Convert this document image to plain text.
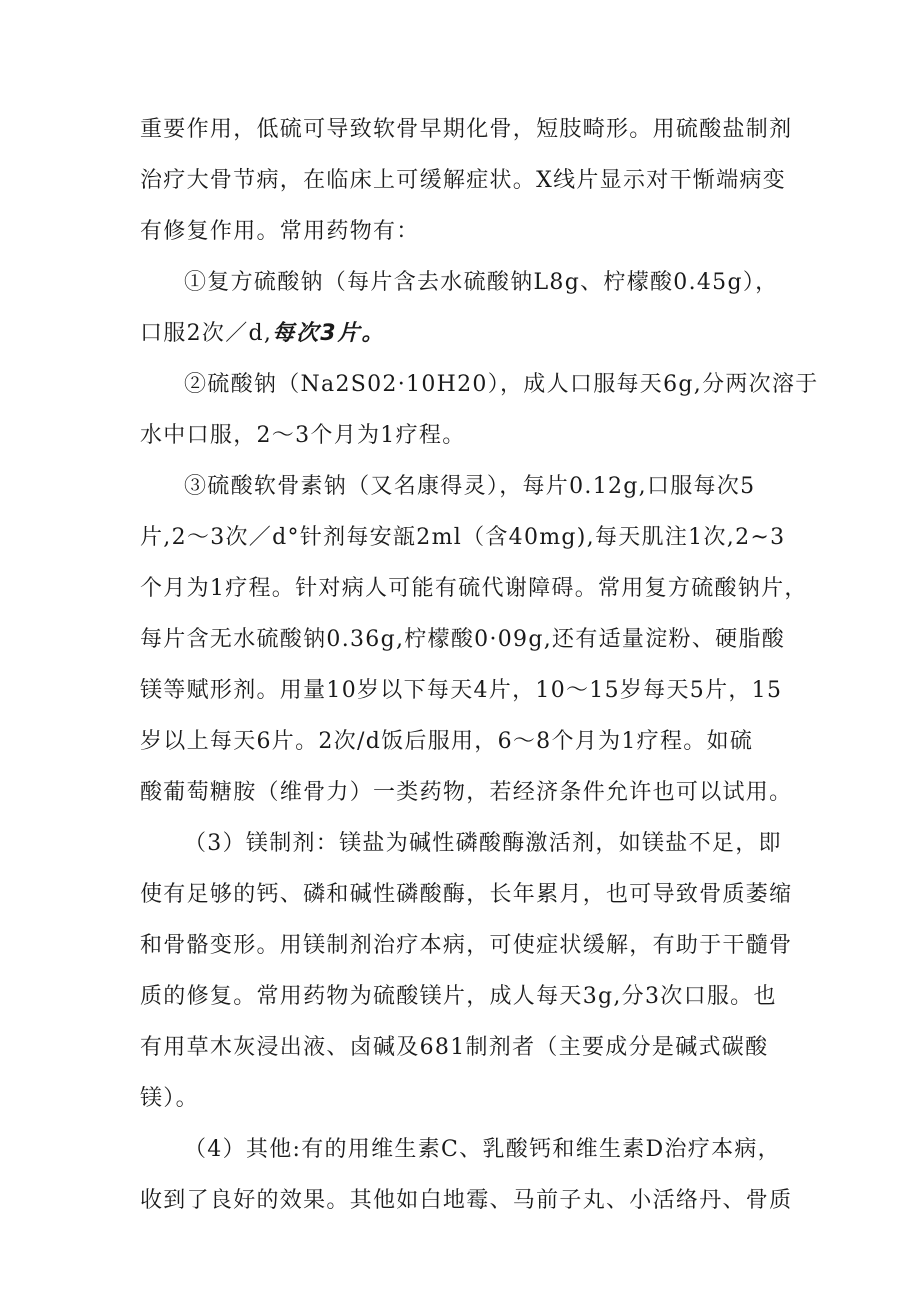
重要作用，低硫可导致软骨早期化骨，短肢畸形。用硫酸盐制剂
治疗大骨节病，在临床上可缓解症状。X线片显示对干惭端病变
有修复作用。常用药物有：
①复方硫酸钠（每片含去水硫酸钠L8g、柠檬酸0.45g），
口服2次／d,每次3片。
②硫酸钠（Na2S02·10H20），成人口服每天6g,分两次溶于
水中口服，2～3个月为1疗程。
③硫酸软骨素钠（又名康得灵），每片0.12g,口服每次5
片,2～3次／d°针剂每安瓿2ml（含40mg),每天肌注1次,2~3
个月为1疗程。针对病人可能有硫代谢障碍。常用复方硫酸钠片，
每片含无水硫酸钠0.36g,柠檬酸0·09g,还有适量淀粉、硬脂酸
镁等赋形剂。用量10岁以下每天4片，10～15岁每天5片，15
岁以上每天6片。2次/d饭后服用，6～8个月为1疗程。如硫
酸葡萄糖胺（维骨力）一类药物，若经济条件允许也可以试用。
（3）镁制剂：镁盐为碱性磷酸酶激活剂，如镁盐不足，即
使有足够的钙、磷和碱性磷酸酶，长年累月，也可导致骨质萎缩
和骨骼变形。用镁制剂治疗本病，可使症状缓解，有助于干髓骨
质的修复。常用药物为硫酸镁片，成人每天3g,分3次口服。也
有用草木灰浸出液、卤碱及681制剂者（主要成分是碱式碳酸
镁）。
（4）其他:有的用维生素C、乳酸钙和维生素D治疗本病，
收到了良好的效果。其他如白地霉、马前子丸、小活络丹、骨质
